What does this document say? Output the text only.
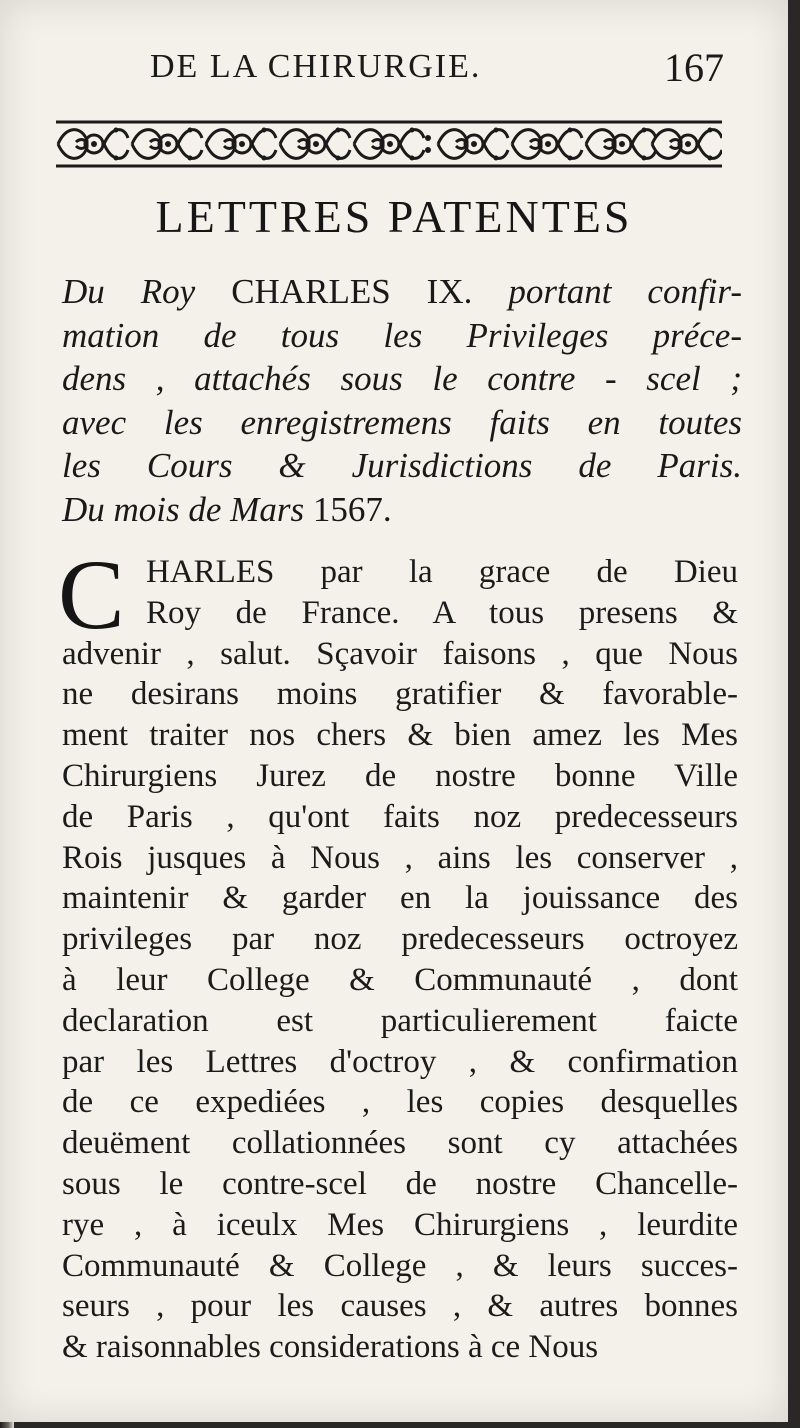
DE LA CHIRURGIE.	167
LETTRES PATENTES
Du Roy CHARLES IX. portant confir-
mation de tous les Privileges préce-
dens , attachés sous le contre - scel ;
avec les enregistremens faits en toutes
les Cours & Jurisdictions de Paris.
Du mois de Mars 1567.
C HARLES par la grace de Dieu
Roy de France. A tous presens &
advenir , salut. Sçavoir faisons , que Nous
ne desirans moins gratifier & favorable-
ment traiter nos chers & bien amez les Mes
Chirurgiens Jurez de nostre bonne Ville
de Paris , qu'ont faits noz predecesseurs
Rois jusques à Nous , ains les conserver ,
maintenir & garder en la jouissance des
privileges par noz predecesseurs octroyez
à leur College & Communauté , dont
declaration est particulierement faicte
par les Lettres d'octroy , & confirmation
de ce expediées , les copies desquelles
deuëment collationnées sont cy attachées
sous le contre-scel de nostre Chancelle-
rye , à iceulx Mes Chirurgiens , leurdite
Communauté & College , & leurs succes-
seurs , pour les causes , & autres bonnes
& raisonnables considerations à ce Nous
